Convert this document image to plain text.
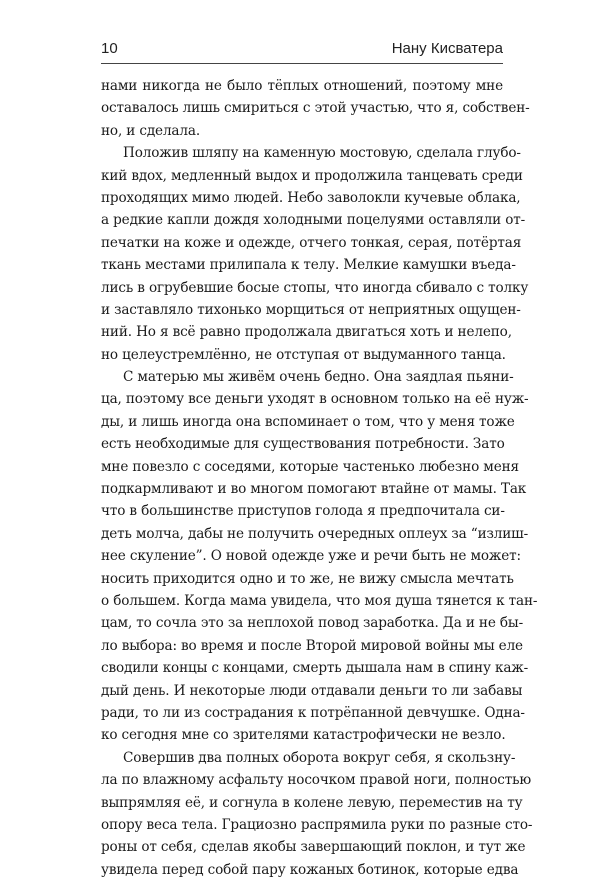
10	Нану Кисватера
нами никогда не было тёплых отношений, поэтому мне
оставалось лишь смириться с этой участью, что я, собствен-
но, и сделала.
Положив шляпу на каменную мостовую, сделала глубо-
кий вдох, медленный выдох и продолжила танцевать среди
проходящих мимо людей. Небо заволокли кучевые облака,
а редкие капли дождя холодными поцелуями оставляли от-
печатки на коже и одежде, отчего тонкая, серая, потёртая
ткань местами прилипала к телу. Мелкие камушки въеда-
лись в огрубевшие босые стопы, что иногда сбивало с толку
и заставляло тихонько морщиться от неприятных ощущен-
ний. Но я всё равно продолжала двигаться хоть и нелепо,
но целеустремлённо, не отступая от выдуманного танца.
С матерью мы живём очень бедно. Она заядлая пьяни-
ца, поэтому все деньги уходят в основном только на её нуж-
ды, и лишь иногда она вспоминает о том, что у меня тоже
есть необходимые для существования потребности. Зато
мне повезло с соседями, которые частенько любезно меня
подкармливают и во многом помогают втайне от мамы. Так
что в большинстве приступов голода я предпочитала си-
деть молча, дабы не получить очередных оплеух за “излиш-
нее скуление”. О новой одежде уже и речи быть не может:
носить приходится одно и то же, не вижу смысла мечтать
о большем. Когда мама увидела, что моя душа тянется к тан-
цам, то сочла это за неплохой повод заработка. Да и не бы-
ло выбора: во время и после Второй мировой войны мы еле
сводили концы с концами, смерть дышала нам в спину каж-
дый день. И некоторые люди отдавали деньги то ли забавы
ради, то ли из сострадания к потрёпанной девчушке. Одна-
ко сегодня мне со зрителями катастрофически не везло.
Совершив два полных оборота вокруг себя, я скользну-
ла по влажному асфальту носочком правой ноги, полностью
выпрямляя её, и согнула в колене левую, переместив на ту
опору веса тела. Грациозно распрямила руки по разные сто-
роны от себя, сделав якобы завершающий поклон, и тут же
увидела перед собой пару кожаных ботинок, которые едва
